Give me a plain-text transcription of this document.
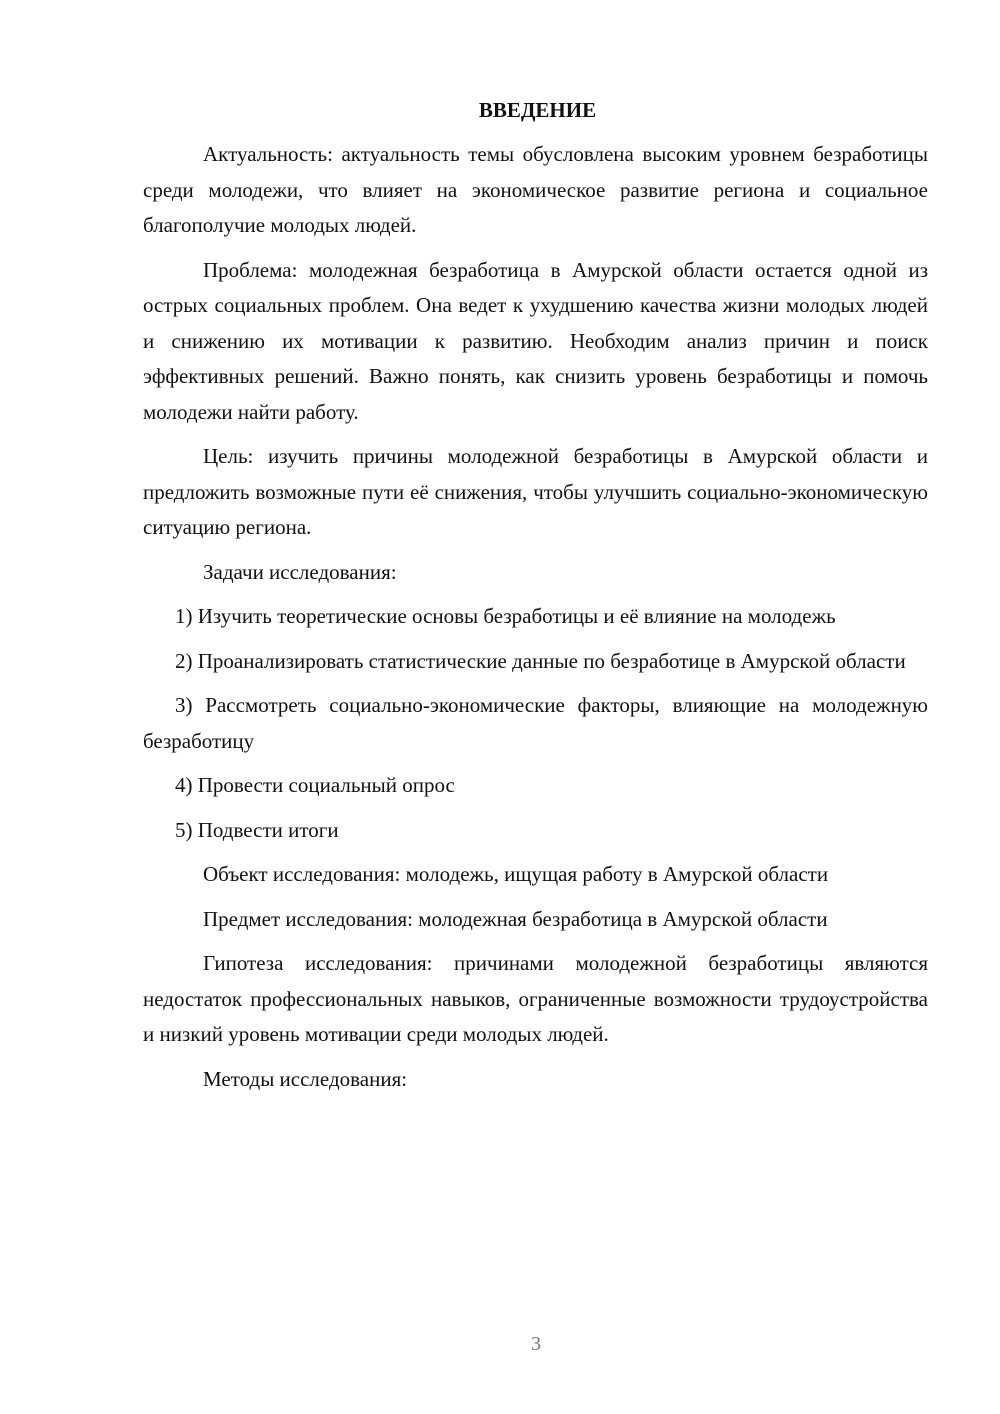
ВВЕДЕНИЕ

Актуальность: актуальность темы обусловлена высоким уровнем безработицы среди молодежи, что влияет на экономическое развитие региона и социальное благополучие молодых людей.

Проблема: молодежная безработица в Амурской области остается одной из острых социальных проблем. Она ведет к ухудшению качества жизни молодых людей и снижению их мотивации к развитию. Необходим анализ причин и поиск эффективных решений. Важно понять, как снизить уровень безработицы и помочь молодежи найти работу.

Цель: изучить причины молодежной безработицы в Амурской области и предложить возможные пути её снижения, чтобы улучшить социально-экономическую ситуацию региона.

Задачи исследования:

1) Изучить теоретические основы безработицы и её влияние на молодежь

2) Проанализировать статистические данные по безработице в Амурской области

3) Рассмотреть социально-экономические факторы, влияющие на молодежную безработицу

4) Провести социальный опрос

5) Подвести итоги

Объект исследования: молодежь, ищущая работу в Амурской области

Предмет исследования: молодежная безработица в Амурской области

Гипотеза исследования: причинами молодежной безработицы являются недостаток профессиональных навыков, ограниченные возможности трудоустройства и низкий уровень мотивации среди молодых людей.

Методы исследования:

3
